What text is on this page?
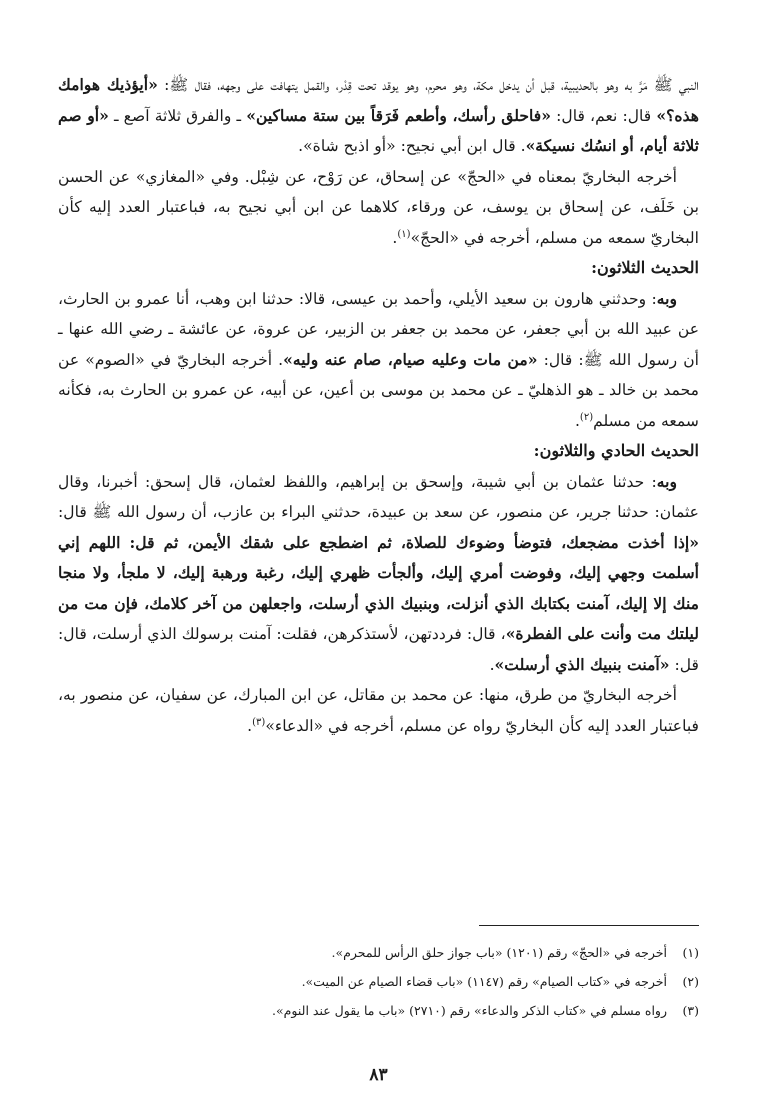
النبي ﷺ مَرَّ به وهو بالحديبية، قبل أن يدخل مكة، وهو محرم، وهو يوقد تحت قِدْر، والقمل يتهافت على وجهه، فقال ﷺ: «أيؤذيك هوامك هذه؟» قال: نعم، قال: «فاحلق رأسك، وأطعم فَرَقاً بين ستة مساكين» ـ والفرق ثلاثة آصع ـ «أو صم ثلاثة أيام، أو انسُك نسيكة». قال ابن أبي نجيح: «أو اذبح شاة».

أخرجه البخاريّ بمعناه في «الحجّ» عن إسحاق، عن رَوْح، عن شِبْل. وفي «المغازي» عن الحسن بن خَلَف، عن إسحاق بن يوسف، عن ورقاء، كلاهما عن ابن أبي نجيح به، فباعتبار العدد إليه كأن البخاريّ سمعه من مسلم، أخرجه في «الحجّ»$^{(١)}$.

الحديث الثلاثون:

وبه: وحدثني هارون بن سعيد الأيلي، وأحمد بن عيسى، قالا: حدثنا ابن وهب، أنا عمرو بن الحارث، عن عبيد الله بن أبي جعفر، عن محمد بن جعفر بن الزبير، عن عروة، عن عائشة ـ رضي الله عنها ـ أن رسول الله ﷺ: قال: «من مات وعليه صيام، صام عنه وليه». أخرجه البخاريّ في «الصوم» عن محمد بن خالد ـ هو الذهليّ ـ عن محمد بن موسى بن أعين، عن أبيه، عن عمرو بن الحارث به، فكأنه سمعه من مسلم$^{(٢)}$.

الحديث الحادي والثلاثون:

وبه: حدثنا عثمان بن أبي شيبة، وإسحق بن إبراهيم، واللفظ لعثمان، قال إسحق: أخبرنا، وقال عثمان: حدثنا جرير، عن منصور، عن سعد بن عبيدة، حدثني البراء بن عازب، أن رسول الله ﷺ قال: «إذا أخذت مضجعك، فتوضأ وضوءك للصلاة، ثم اضطجع على شقك الأيمن، ثم قل: اللهم إني أسلمت وجهي إليك، وفوضت أمري إليك، وألجأت ظهري إليك، رغبة ورهبة إليك، لا ملجأ، ولا منجا منك إلا إليك، آمنت بكتابك الذي أنزلت، وبنبيك الذي أرسلت، واجعلهن من آخر كلامك، فإن مت من ليلتك مت وأنت على الفطرة»، قال: فرددتهن، لأستذكرهن، فقلت: آمنت برسولك الذي أرسلت، قال: قل: «آمنت بنبيك الذي أرسلت».

أخرجه البخاريّ من طرق، منها: عن محمد بن مقاتل، عن ابن المبارك، عن سفيان، عن منصور به، فباعتبار العدد إليه كأن البخاريّ رواه عن مسلم، أخرجه في «الدعاء»$^{(٣)}$.

(١)أخرجه في «الحجّ» رقم (١٢٠١) «باب جواز حلق الرأس للمحرم».

(٢)أخرجه في «كتاب الصيام» رقم (١١٤٧) «باب قضاء الصيام عن الميت».

(٣)رواه مسلم في «كتاب الذكر والدعاء» رقم (٢٧١٠) «باب ما يقول عند النوم».

٨٣
